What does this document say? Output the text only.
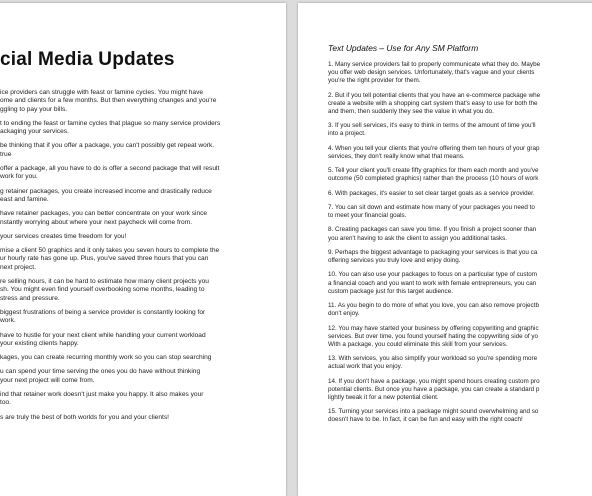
cial Media Updates
ice providers can struggle with feast or famine cycles. You might have
ome and clients for a few months. But then everything changes and you're
ggling to pay your bills.
t to ending the feast or famine cycles that plague so many service providers
ackaging your services.
be thinking that if you offer a package, you can't possibly get repeat work.
true
offer a package, all you have to do is offer a second package that will result
work for you.
g retainer packages, you create increased income and drastically reduce
east and famine.
have retainer packages, you can better concentrate on your work since
nstantly worrying about where your next paycheck will come from.
your services creates time freedom for you!
mise a client 50 graphics and it only takes you seven hours to complete the
ur hourly rate has gone up. Plus, you've saved three hours that you can
next project.
re selling hours, it can be hard to estimate how many client projects you
sh. You might even find yourself overbooking some months, leading to
stress and pressure.
biggest frustrations of being a service provider is constantly looking for
work.
have to hustle for your next client while handling your current workload
your existing clients happy.
kages, you can create recurring monthly work so you can stop searching
u can spend your time serving the ones you do have without thinking
your next project will come from.
ind that retainer work doesn't just make you happy. It also makes your
too.
s are truly the best of both worlds for you and your clients!
Text Updates – Use for Any SM Platform
1. Many service providers fail to properly communicate what they do. Maybe
you offer web design services. Unfortunately, that's vague and your clients
you're the right provider for them.
2. But if you tell potential clients that you have an e-commerce package whe
create a website with a shopping cart system that's easy to use for both the
and them, then suddenly they see the value in what you do.
3. If you sell services, it's easy to think in terms of the amount of time you'll
into a project.
4. When you tell your clients that you're offering them ten hours of your grap
services, they don't really know what that means.
5. Tell your client you'll create fifty graphics for them each month and you've
outcome (50 completed graphics) rather than the process (10 hours of work
6. With packages, it's easier to set clear target goals as a service provider.
7. You can sit down and estimate how many of your packages you need to
to meet your financial goals.
8. Creating packages can save you time. If you finish a project sooner than
you aren't having to ask the client to assign you additional tasks.
9. Perhaps the biggest advantage to packaging your services is that you ca
offering services you truly love and enjoy doing.
10. You can also use your packages to focus on a particular type of custom
a financial coach and you want to work with female entrepreneurs, you can
custom package just for this target audience.
11. As you begin to do more of what you love, you can also remove projectb
don't enjoy.
12. You may have started your business by offering copywriting and graphic
services. But over time, you found yourself hating the copywriting side of yo
With a package, you could eliminate this skill from your services.
13. With services, you also simplify your workload so you're spending more
actual work that you enjoy.
14. If you don't have a package, you might spend hours creating custom pro
potential clients. But once you have a package, you can create a standard p
lightly tweak it for a new potential client.
15. Turning your services into a package might sound overwhelming and so
doesn't have to be. In fact, it can be fun and easy with the right coach!
